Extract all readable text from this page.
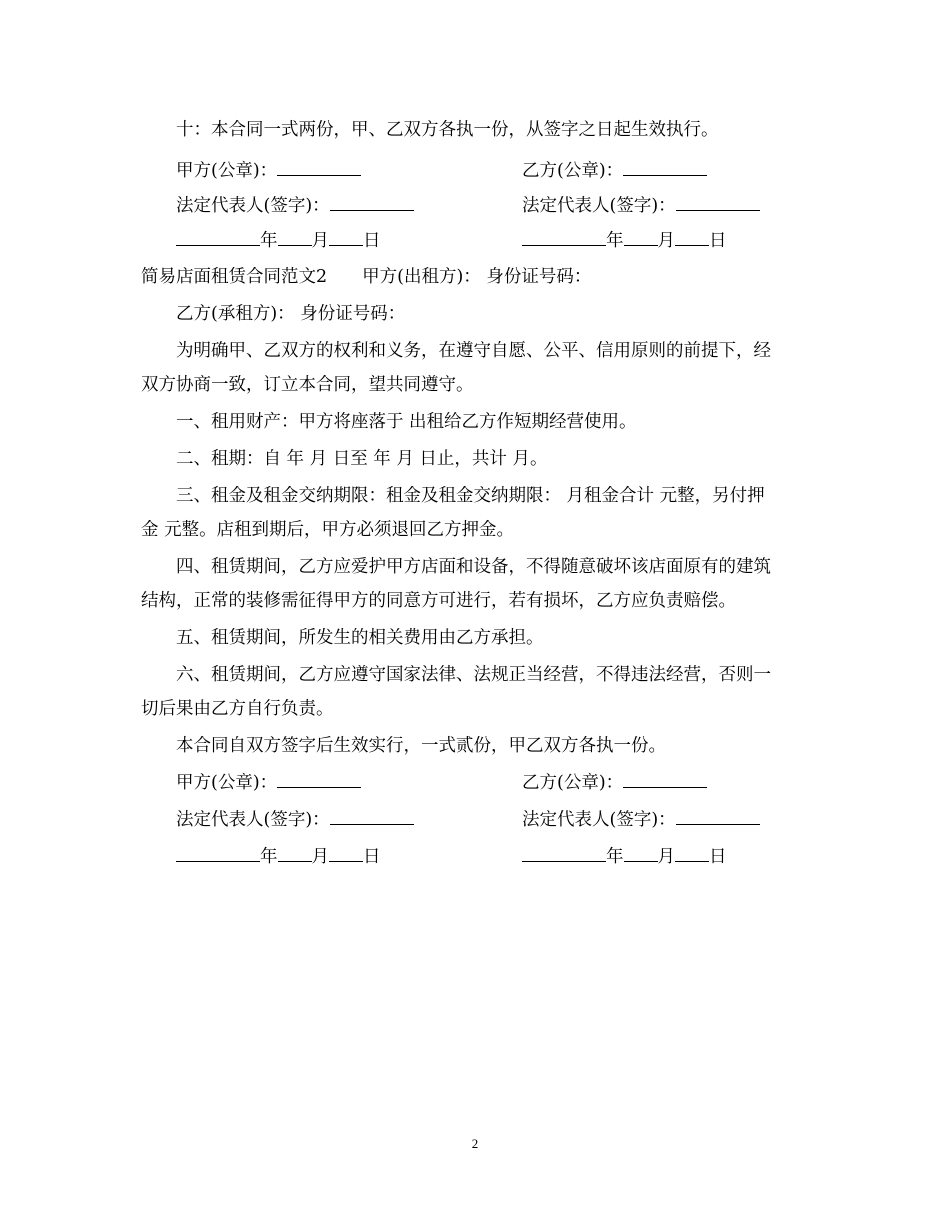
十：本合同一式两份，甲、乙双方各执一份，从签字之日起生效执行。
甲方(公章)：	乙方(公章)：
法定代表人(签字)：	法定代表人(签字)：
年 月 日	年 月 日
简易店面租赁合同范文2　　甲方(出租方)： 身份证号码：
乙方(承租方)： 身份证号码：
为明确甲、乙双方的权利和义务，在遵守自愿、公平、信用原则的前提下，经
双方协商一致，订立本合同，望共同遵守。
一、租用财产：甲方将座落于 出租给乙方作短期经营使用。
二、租期：自 年 月 日至 年 月 日止，共计 月。
三、租金及租金交纳期限：租金及租金交纳期限： 月租金合计 元整，另付押
金 元整。店租到期后，甲方必须退回乙方押金。
四、租赁期间，乙方应爱护甲方店面和设备，不得随意破坏该店面原有的建筑
结构，正常的装修需征得甲方的同意方可进行，若有损坏，乙方应负责赔偿。
五、租赁期间，所发生的相关费用由乙方承担。
六、租赁期间，乙方应遵守国家法律、法规正当经营，不得违法经营，否则一
切后果由乙方自行负责。
本合同自双方签字后生效实行，一式贰份，甲乙双方各执一份。
甲方(公章)：	乙方(公章)：
法定代表人(签字)：	法定代表人(签字)：
年 月 日	年 月 日
2
